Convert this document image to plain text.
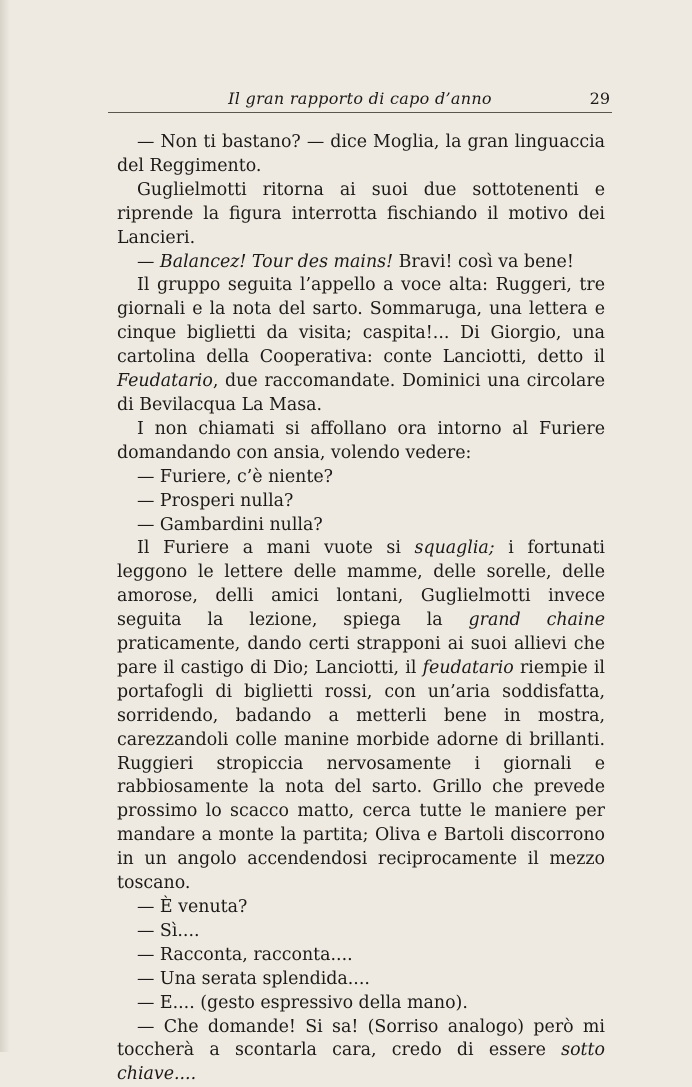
Il gran rapporto di capo d’anno	29

— Non ti bastano? — dice Moglia, la gran linguaccia del Reggimento.

Guglielmotti ritorna ai suoi due sottotenenti e riprende la figura interrotta fischiando il motivo dei Lancieri.

— Balancez! Tour des mains! Bravi! così va bene!

Il gruppo seguita l’appello a voce alta: Ruggeri, tre giornali e la nota del sarto. Sommaruga, una lettera e cinque biglietti da visita; caspita!... Di Giorgio, una cartolina della Cooperativa: conte Lanciotti, detto il Feudatario, due raccomandate. Dominici una circolare di Bevilacqua La Masa.

I non chiamati si affollano ora intorno al Furiere domandando con ansia, volendo vedere:

— Furiere, c’è niente?

— Prosperi nulla?

— Gambardini nulla?

Il Furiere a mani vuote si squaglia; i fortunati leggono le lettere delle mamme, delle sorelle, delle amorose, delli amici lontani, Guglielmotti invece seguita la lezione, spiega la grand chaine praticamente, dando certi strapponi ai suoi allievi che pare il castigo di Dio; Lanciotti, il feudatario riempie il portafogli di biglietti rossi, con un’aria soddisfatta, sorridendo, badando a metterli bene in mostra, carezzandoli colle manine morbide adorne di brillanti. Ruggieri stropiccia nervosamente i giornali e rabbiosamente la nota del sarto. Grillo che prevede prossimo lo scacco matto, cerca tutte le maniere per mandare a monte la partita; Oliva e Bartoli discorrono in un angolo accendendosi reciprocamente il mezzo toscano.

— È venuta?

— Sì....

— Racconta, racconta....

— Una serata splendida....

— E.... (gesto espressivo della mano).

— Che domande! Si sa! (Sorriso analogo) però mi toccherà a scontarla cara, credo di essere sotto chiave....
